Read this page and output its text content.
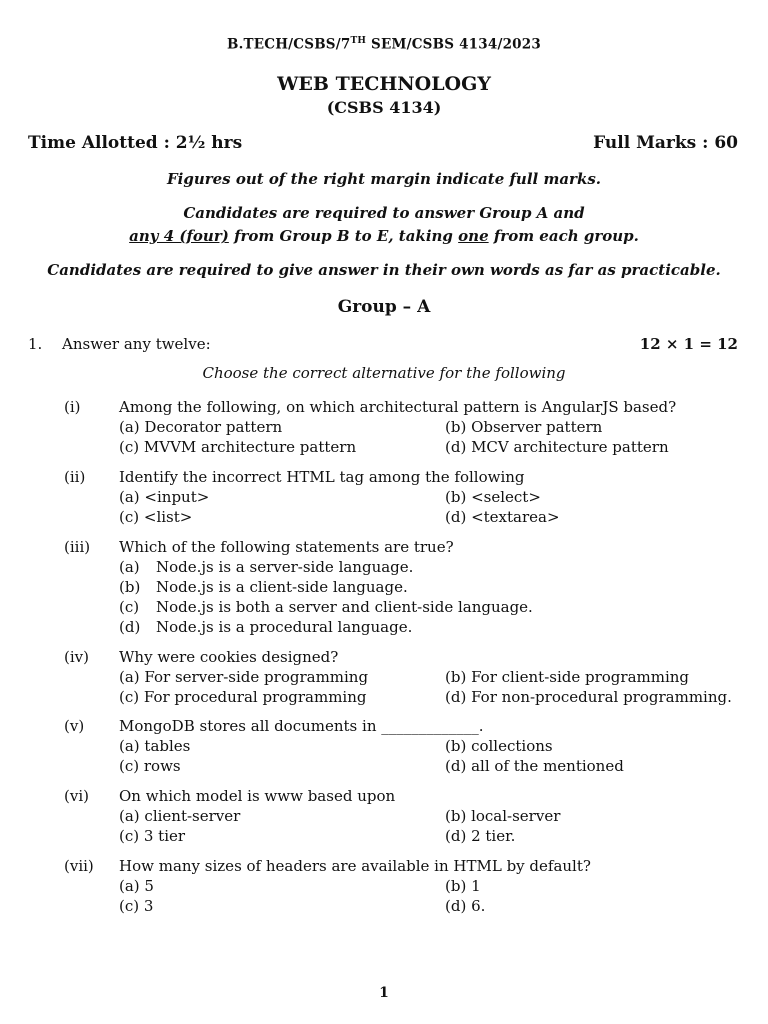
B.TECH/CSBS/7TH SEM/CSBS 4134/2023
WEB TECHNOLOGY
(CSBS 4134)
Time Allotted : 2½ hrs	Full Marks : 60
Figures out of the right margin indicate full marks.
Candidates are required to answer Group A and
any 4 (four) from Group B to E, taking one from each group.
Candidates are required to give answer in their own words as far as practicable.
Group – A
1. Answer any twelve:	12 × 1 = 12
Choose the correct alternative for the following
(i)	Among the following, on which architectural pattern is AngularJS based?
(a) Decorator pattern	(b) Observer pattern
(c) MVVM architecture pattern	(d) MCV architecture pattern
(ii) Identify the incorrect HTML tag among the following
(a) <input>	(b) <select>
(c) <list>	(d) <textarea>
(iii) Which of the following statements are true?
(a) Node.js is a server-side language.
(b) Node.js is a client-side language.
(c) Node.js is both a server and client-side language.
(d) Node.js is a procedural language.
(iv) Why were cookies designed?
(a) For server-side programming	(b) For client-side programming
(c) For procedural programming	(d) For non-procedural programming.
(v) MongoDB stores all documents in _____________.
(a) tables	(b) collections
(c) rows	(d) all of the mentioned
(vi) On which model is www based upon
(a) client-server	(b) local-server
(c) 3 tier	(d) 2 tier.
(vii) How many sizes of headers are available in HTML by default?
(a) 5	(b) 1
(c) 3	(d) 6.
1
